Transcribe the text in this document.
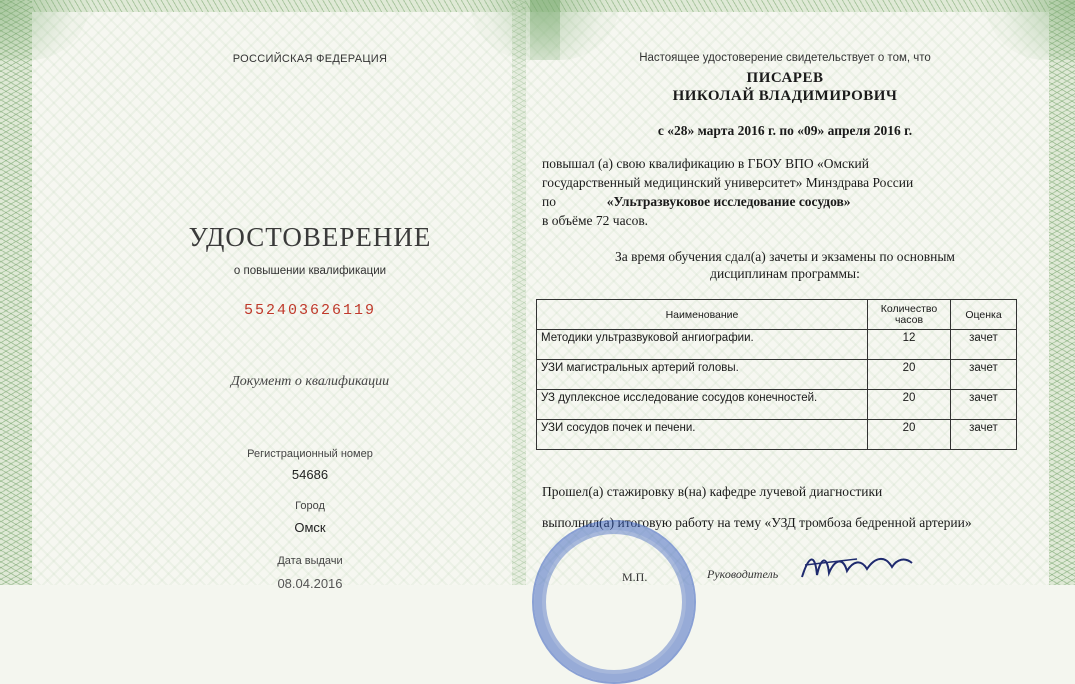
РОССИЙСКАЯ ФЕДЕРАЦИЯ
УДОСТОВЕРЕНИЕ
о повышении квалификации
552403626119
Документ о квалификации
Регистрационный номер
54686
Город
Омск
Дата выдачи
08.04.2016
Настоящее удостоверение свидетельствует о том, что
ПИСАРЕВ
НИКОЛАЙ ВЛАДИМИРОВИЧ
с «28» марта 2016 г. по «09» апреля 2016 г.
повышал (а) свою квалификацию в ГБОУ ВПО «Омский
государственный медицинский университет» Минздрава России
по	«Ультразвуковое исследование сосудов»
в объёме 72 часов.
За время обучения сдал(а) зачеты и экзамены по основным
дисциплинам программы:
Наименование	Количество часов	Оценка
Методики ультразвуковой ангиографии.	12	зачет
УЗИ магистральных артерий головы.	20	зачет
УЗ дуплексное исследование сосудов конечностей.	20	зачет
УЗИ сосудов почек и печени.	20	зачет
Прошел(а) стажировку в(на) кафедре лучевой диагностики
выполнил(а) итоговую работу на тему «УЗД тромбоза бедренной артерии»
М.П.	Руководитель
